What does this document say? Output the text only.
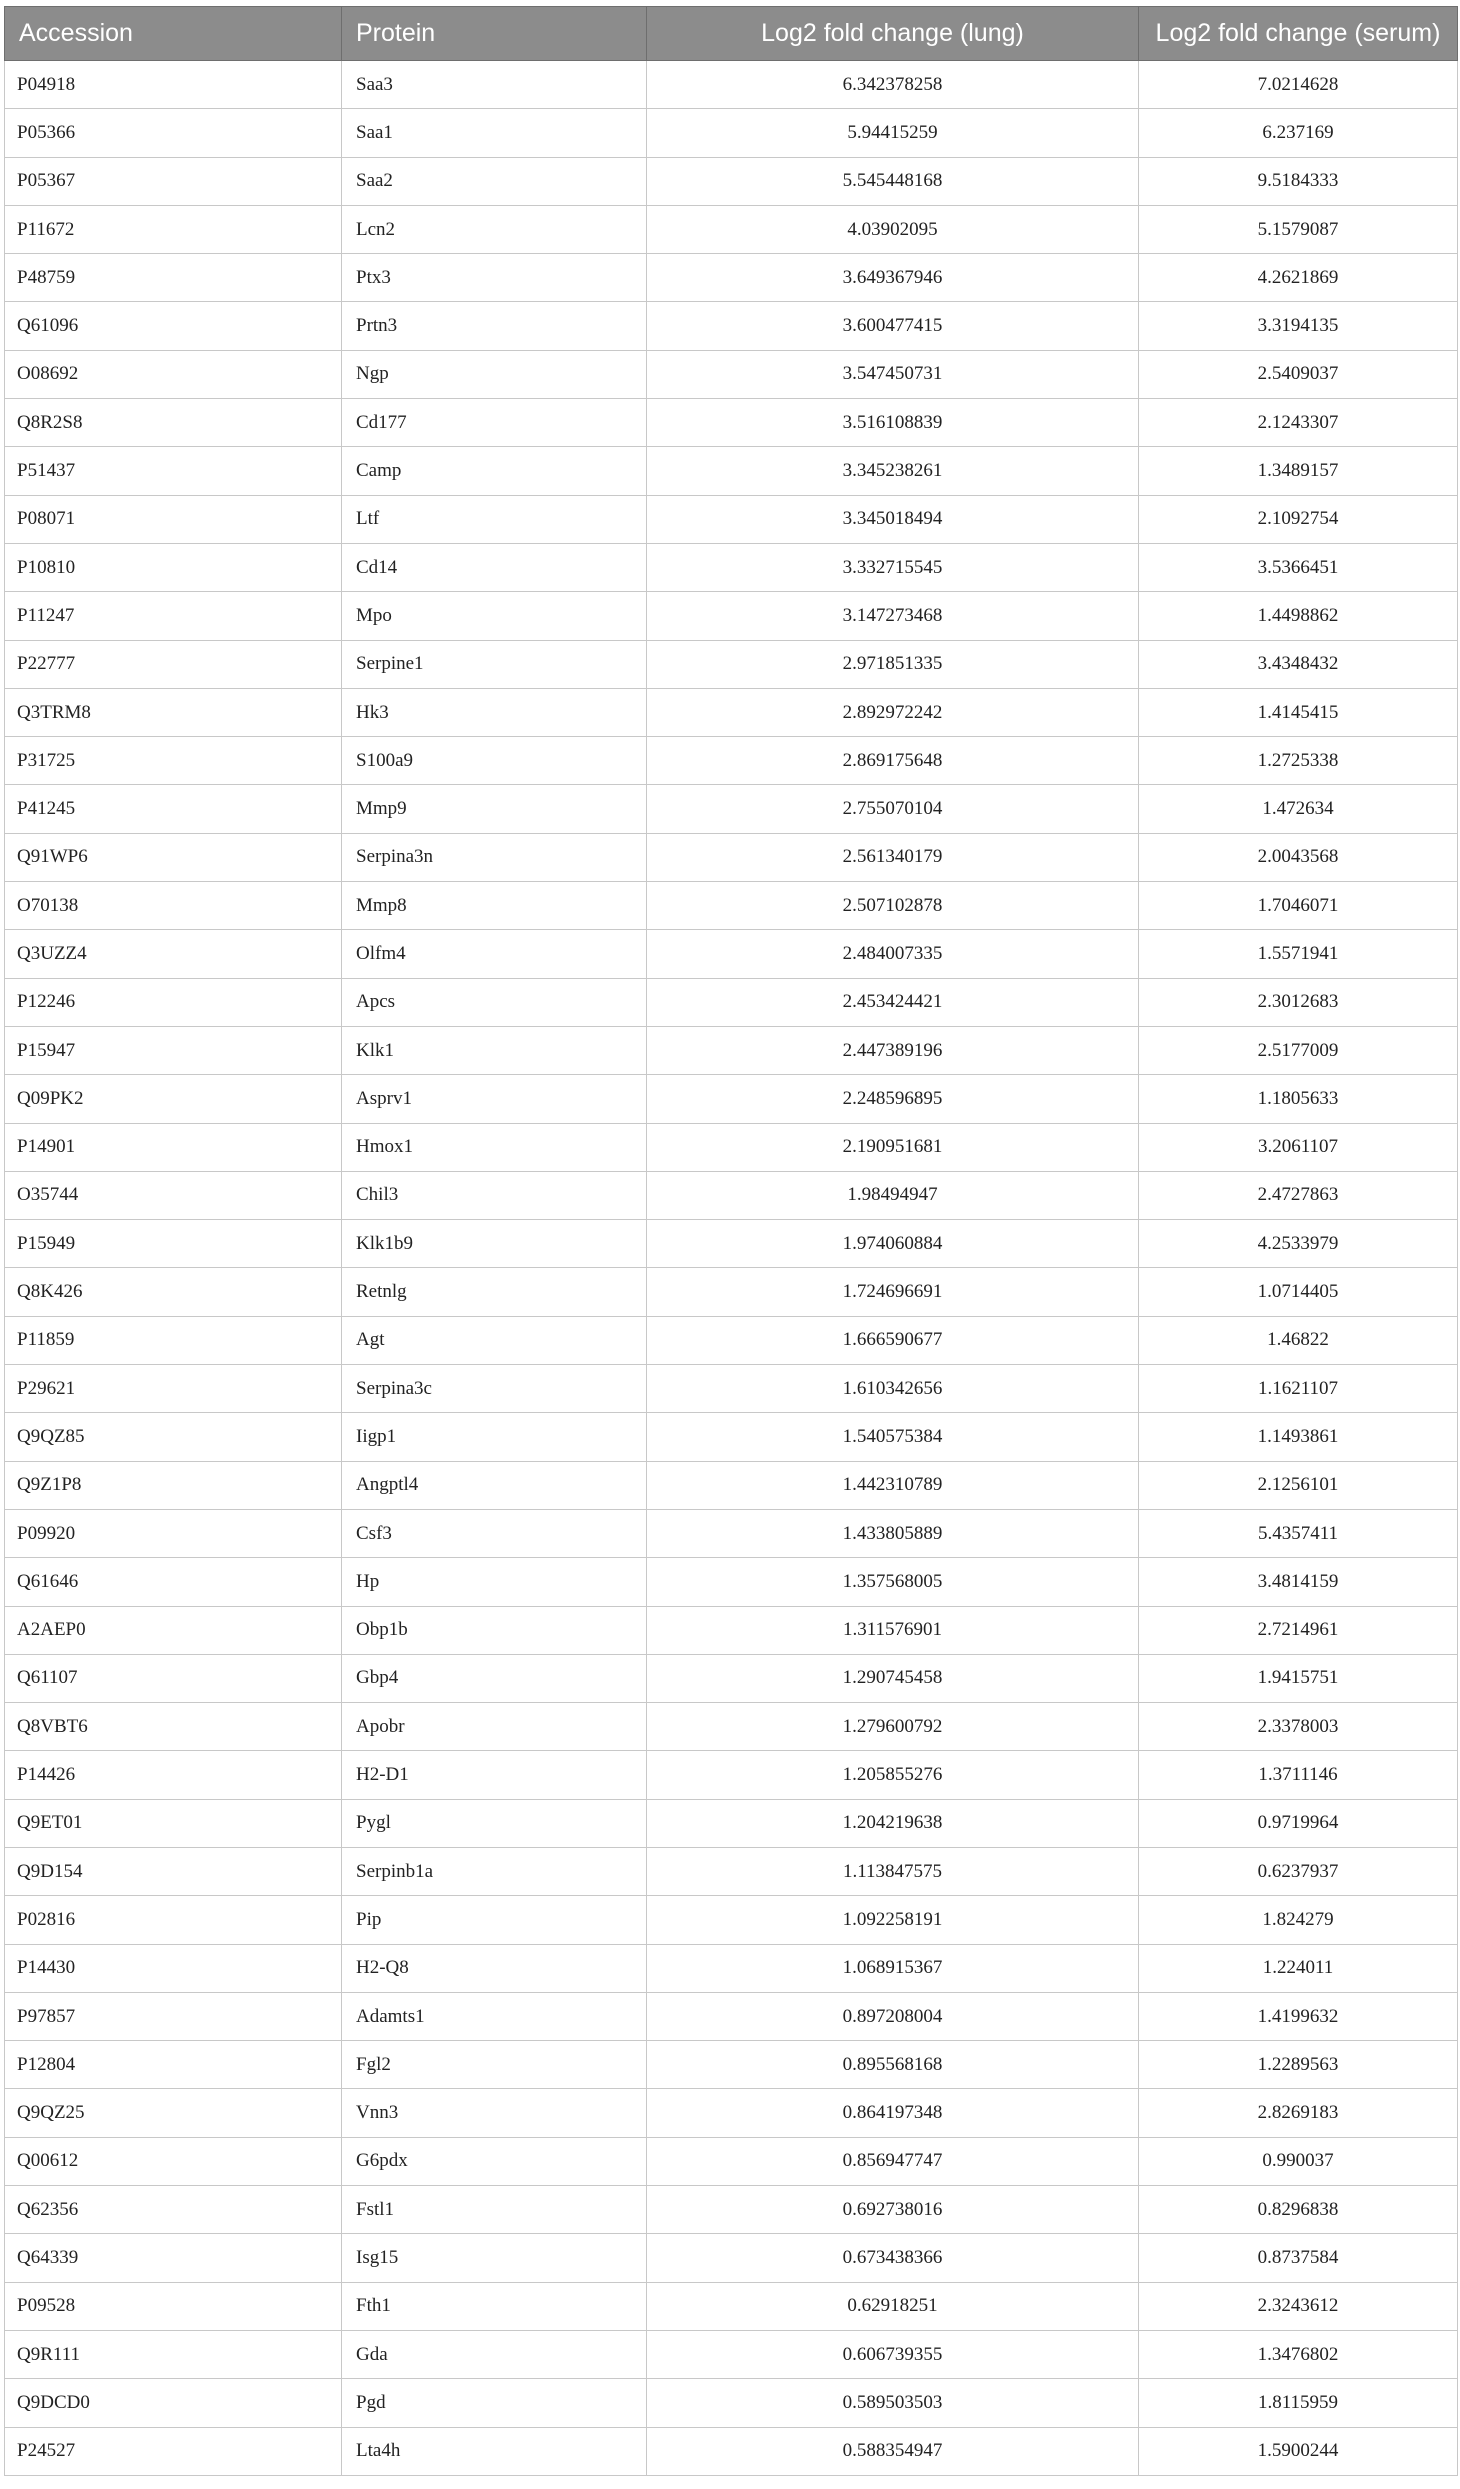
Accession	Protein	Log2 fold change (lung)	Log2 fold change (serum)
P04918	Saa3	6.342378258	7.0214628
P05366	Saa1	5.94415259	6.237169
P05367	Saa2	5.545448168	9.5184333
P11672	Lcn2	4.03902095	5.1579087
P48759	Ptx3	3.649367946	4.2621869
Q61096	Prtn3	3.600477415	3.3194135
O08692	Ngp	3.547450731	2.5409037
Q8R2S8	Cd177	3.516108839	2.1243307
P51437	Camp	3.345238261	1.3489157
P08071	Ltf	3.345018494	2.1092754
P10810	Cd14	3.332715545	3.5366451
P11247	Mpo	3.147273468	1.4498862
P22777	Serpine1	2.971851335	3.4348432
Q3TRM8	Hk3	2.892972242	1.4145415
P31725	S100a9	2.869175648	1.2725338
P41245	Mmp9	2.755070104	1.472634
Q91WP6	Serpina3n	2.561340179	2.0043568
O70138	Mmp8	2.507102878	1.7046071
Q3UZZ4	Olfm4	2.484007335	1.5571941
P12246	Apcs	2.453424421	2.3012683
P15947	Klk1	2.447389196	2.5177009
Q09PK2	Asprv1	2.248596895	1.1805633
P14901	Hmox1	2.190951681	3.2061107
O35744	Chil3	1.98494947	2.4727863
P15949	Klk1b9	1.974060884	4.2533979
Q8K426	Retnlg	1.724696691	1.0714405
P11859	Agt	1.666590677	1.46822
P29621	Serpina3c	1.610342656	1.1621107
Q9QZ85	Iigp1	1.540575384	1.1493861
Q9Z1P8	Angptl4	1.442310789	2.1256101
P09920	Csf3	1.433805889	5.4357411
Q61646	Hp	1.357568005	3.4814159
A2AEP0	Obp1b	1.311576901	2.7214961
Q61107	Gbp4	1.290745458	1.9415751
Q8VBT6	Apobr	1.279600792	2.3378003
P14426	H2-D1	1.205855276	1.3711146
Q9ET01	Pygl	1.204219638	0.9719964
Q9D154	Serpinb1a	1.113847575	0.6237937
P02816	Pip	1.092258191	1.824279
P14430	H2-Q8	1.068915367	1.224011
P97857	Adamts1	0.897208004	1.4199632
P12804	Fgl2	0.895568168	1.2289563
Q9QZ25	Vnn3	0.864197348	2.8269183
Q00612	G6pdx	0.856947747	0.990037
Q62356	Fstl1	0.692738016	0.8296838
Q64339	Isg15	0.673438366	0.8737584
P09528	Fth1	0.62918251	2.3243612
Q9R111	Gda	0.606739355	1.3476802
Q9DCD0	Pgd	0.589503503	1.8115959
P24527	Lta4h	0.588354947	1.5900244
